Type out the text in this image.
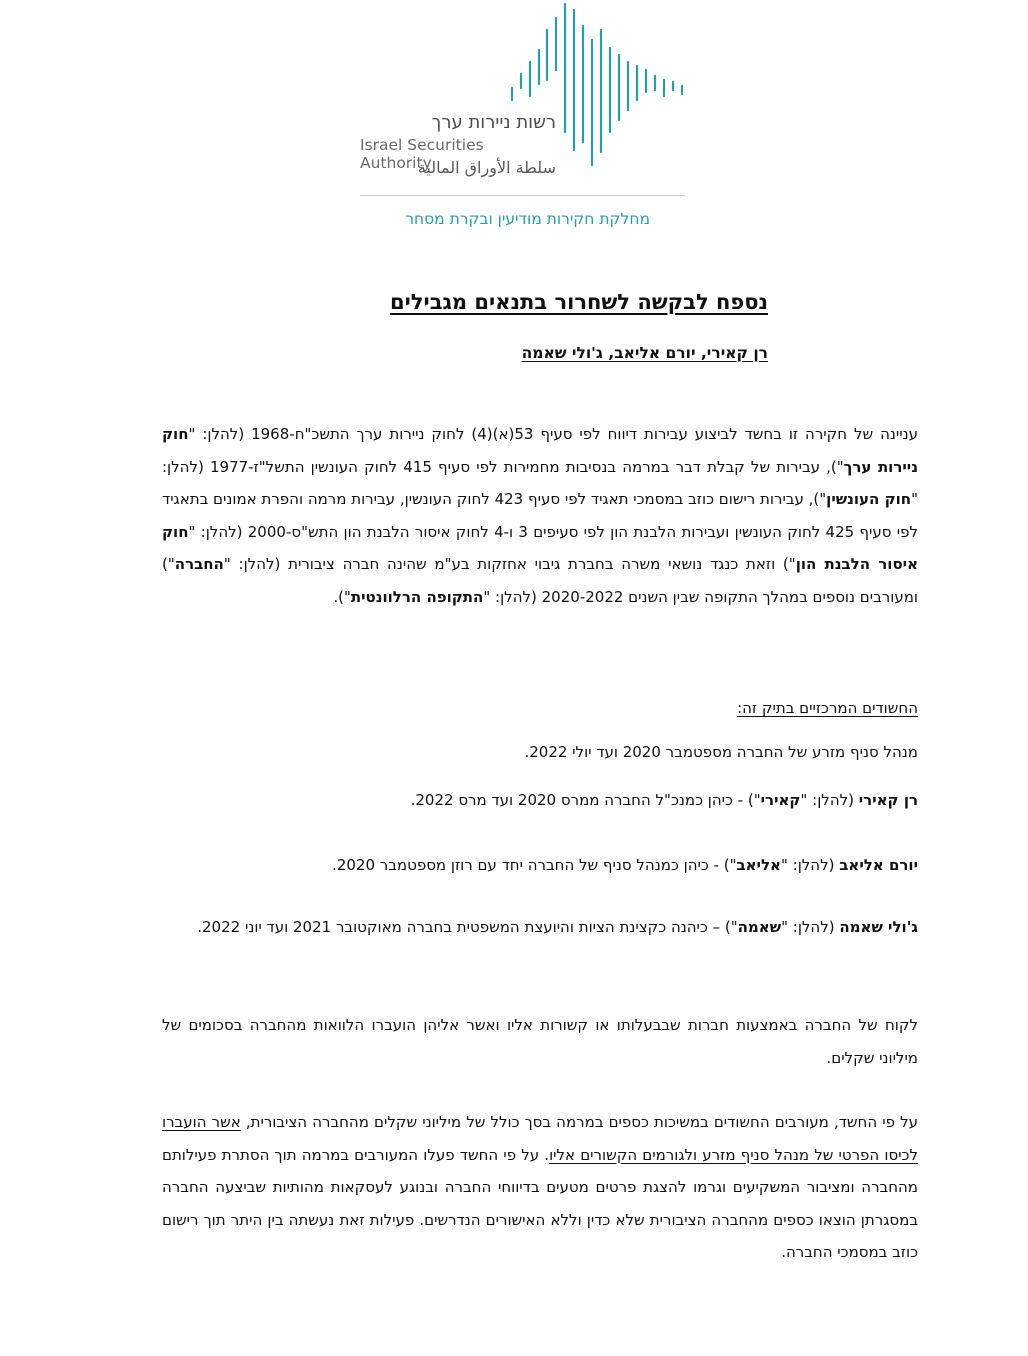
רשות ניירות ערך
Israel Securities Authority
سلطة الأوراق المالية
מחלקת חקירות מודיעין ובקרת מסחר
נספח לבקשה לשחרור בתנאים מגבילים
רן קאירי, יורם אליאב, ג'ולי שאמה
עניינה של חקירה זו בחשד לביצוע עבירות דיווח לפי סעיף 53(א)(4) לחוק ניירות ערך התשכ"ח-1968 (להלן: "חוק ניירות ערך"), עבירות של קבלת דבר במרמה בנסיבות מחמירות לפי סעיף 415 לחוק העונשין התשל"ז-1977 (להלן: "חוק העונשין"), עבירות רישום כוזב במסמכי תאגיד לפי סעיף 423 לחוק העונשין, עבירות מרמה והפרת אמונים בתאגיד לפי סעיף 425 לחוק העונשין ועבירות הלבנת הון לפי סעיפים 3 ו-4 לחוק איסור הלבנת הון התש"ס-2000 (להלן: "חוק איסור הלבנת הון") וזאת כנגד נושאי משרה בחברת גיבוי אחזקות בע"מ שהינה חברה ציבורית (להלן: "החברה") ומעורבים נוספים במהלך התקופה שבין השנים 2020-2022 (להלן: "התקופה הרלוונטית").
החשודים המרכזיים בתיק זה:
מנהל סניף מזרע של החברה מספטמבר 2020 ועד יולי 2022.
רן קאירי (להלן: "קאירי") - כיהן כמנכ"ל החברה ממרס 2020 ועד מרס 2022.
יורם אליאב (להלן: "אליאב") - כיהן כמנהל סניף של החברה יחד עם רוזן מספטמבר 2020.
ג'ולי שאמה (להלן: "שאמה") – כיהנה כקצינת הציות והיועצת המשפטית בחברה מאוקטובר 2021 ועד יוני 2022.
לקוח של החברה באמצעות חברות שבבעלותו או קשורות אליו ואשר אליהן הועברו הלוואות מהחברה בסכומים של מיליוני שקלים.
על פי החשד, מעורבים החשודים במשיכות כספים במרמה בסך כולל של מיליוני שקלים מהחברה הציבורית, אשר הועברו לכיסו הפרטי של מנהל סניף מזרע ולגורמים הקשורים אליו. על פי החשד פעלו המעורבים במרמה תוך הסתרת פעילותם מהחברה ומציבור המשקיעים וגרמו להצגת פרטים מטעים בדיווחי החברה ובנוגע לעסקאות מהותיות שביצעה החברה במסגרתן הוצאו כספים מהחברה הציבורית שלא כדין וללא האישורים הנדרשים. פעילות זאת נעשתה בין היתר תוך רישום כוזב במסמכי החברה.
